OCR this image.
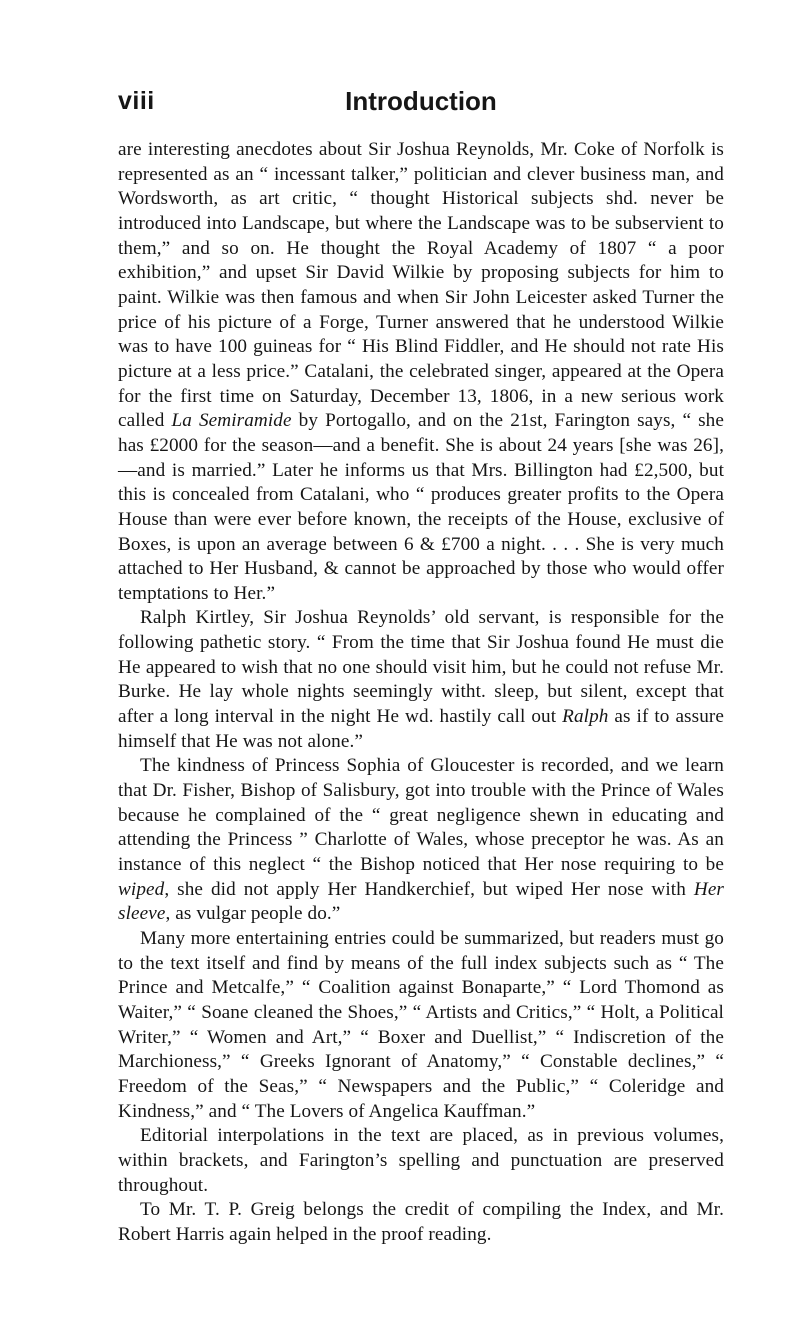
viii	Introduction

are interesting anecdotes about Sir Joshua Reynolds, Mr. Coke of Norfolk is represented as an “ incessant talker,” politician and clever business man, and Wordsworth, as art critic, “ thought Historical subjects shd. never be introduced into Landscape, but where the Landscape was to be subservient to them,” and so on. He thought the Royal Academy of 1807 “ a poor exhibition,” and upset Sir David Wilkie by proposing subjects for him to paint. Wilkie was then famous and when Sir John Leicester asked Turner the price of his picture of a Forge, Turner answered that he understood Wilkie was to have 100 guineas for “ His Blind Fiddler, and He should not rate His picture at a less price.” Catalani, the celebrated singer, appeared at the Opera for the first time on Saturday, December 13, 1806, in a new serious work called La Semiramide by Portogallo, and on the 21st, Farington says, “ she has £2000 for the season—and a benefit. She is about 24 years [she was 26],—and is married.” Later he informs us that Mrs. Billington had £2,500, but this is concealed from Catalani, who “ produces greater profits to the Opera House than were ever before known, the receipts of the House, exclusive of Boxes, is upon an average between 6 & £700 a night. . . . She is very much attached to Her Husband, & cannot be approached by those who would offer temptations to Her.”

Ralph Kirtley, Sir Joshua Reynolds’ old servant, is responsible for the following pathetic story. “ From the time that Sir Joshua found He must die He appeared to wish that no one should visit him, but he could not refuse Mr. Burke. He lay whole nights seemingly witht. sleep, but silent, except that after a long interval in the night He wd. hastily call out Ralph as if to assure himself that He was not alone.”

The kindness of Princess Sophia of Gloucester is recorded, and we learn that Dr. Fisher, Bishop of Salisbury, got into trouble with the Prince of Wales because he complained of the “ great negligence shewn in educating and attending the Princess ” Charlotte of Wales, whose preceptor he was. As an instance of this neglect “ the Bishop noticed that Her nose requiring to be wiped, she did not apply Her Handkerchief, but wiped Her nose with Her sleeve, as vulgar people do.”

Many more entertaining entries could be summarized, but readers must go to the text itself and find by means of the full index subjects such as “ The Prince and Metcalfe,” “ Coalition against Bonaparte,” “ Lord Thomond as Waiter,” “ Soane cleaned the Shoes,” “ Artists and Critics,” “ Holt, a Political Writer,” “ Women and Art,” “ Boxer and Duellist,” “ Indiscretion of the Marchioness,” “ Greeks Ignorant of Anatomy,” “ Constable declines,” “ Freedom of the Seas,” “ Newspapers and the Public,” “ Coleridge and Kindness,” and “ The Lovers of Angelica Kauffman.”

Editorial interpolations in the text are placed, as in previous volumes, within brackets, and Farington’s spelling and punctuation are preserved throughout.

To Mr. T. P. Greig belongs the credit of compiling the Index, and Mr. Robert Harris again helped in the proof reading.
